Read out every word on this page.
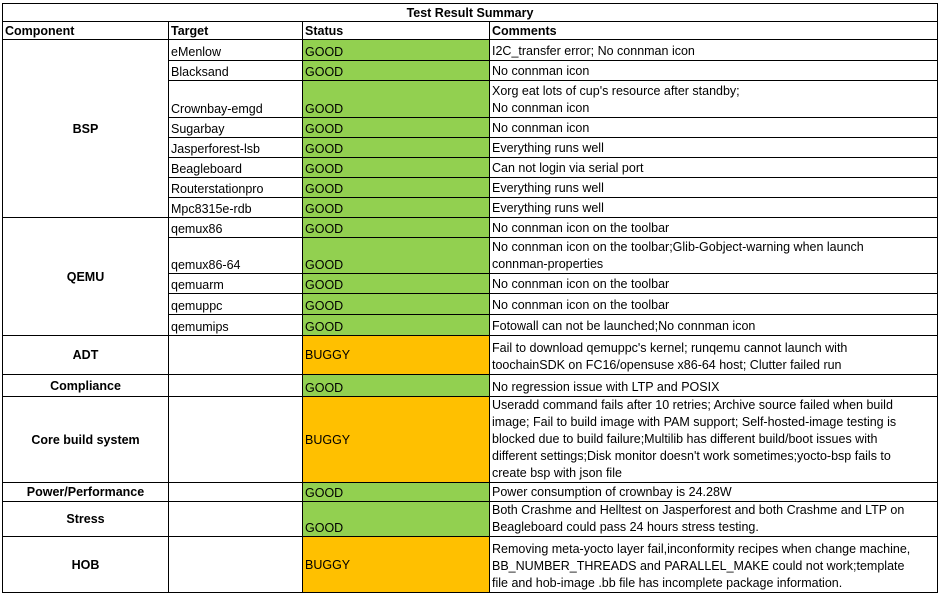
Test Result Summary			
Component	Target	Status	Comments
BSP	eMenlow	GOOD	I2C_transfer error; No connman icon
	Blacksand	GOOD	No connman icon
	Crownbay-emgd	GOOD	Xorg eat lots of cup's resource after standby;
No connman icon
	Sugarbay	GOOD	No connman icon
	Jasperforest-lsb	GOOD	Everything runs well
	Beagleboard	GOOD	Can not login via serial port
	Routerstationpro	GOOD	Everything runs well
	Mpc8315e-rdb	GOOD	Everything runs well
QEMU	qemux86	GOOD	No connman icon on the toolbar
	qemux86-64	GOOD	No connman icon on the toolbar;Glib-Gobject-warning when launch
connman-properties
	qemuarm	GOOD	No connman icon on the toolbar
	qemuppc	GOOD	No connman icon on the toolbar
	qemumips	GOOD	Fotowall can not be launched;No connman icon
ADT		BUGGY	Fail to download qemuppc's kernel; runqemu cannot launch with
toochainSDK on FC16/opensuse x86-64 host; Clutter failed run
Compliance		GOOD	No regression issue with LTP and POSIX
Core build system		BUGGY	Useradd command fails after 10 retries; Archive source failed when build
image; Fail to build image with PAM support; Self-hosted-image testing is
blocked due to build failure;Multilib has different build/boot issues with
different settings;Disk monitor doesn't work sometimes;yocto-bsp fails to
create bsp with json file
Power/Performance		GOOD	Power consumption of crownbay is 24.28W
Stress		GOOD	Both Crashme and Helltest on Jasperforest and both Crashme and LTP on
Beagleboard could pass 24 hours stress testing.
HOB		BUGGY	Removing meta-yocto layer fail,inconformity recipes when change machine,
BB_NUMBER_THREADS and PARALLEL_MAKE could not work;template
file and hob-image .bb file has incomplete package information.
